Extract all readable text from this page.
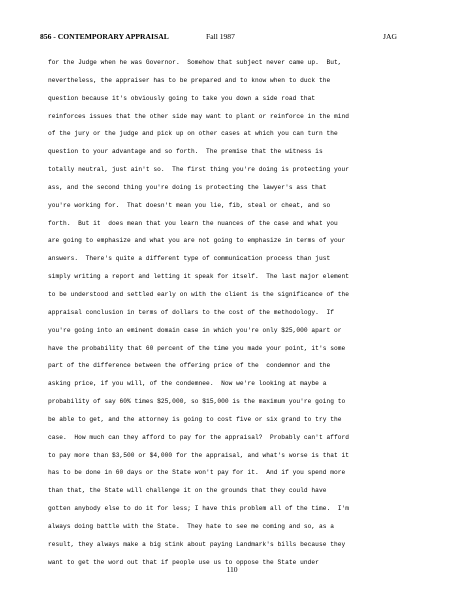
856 - CONTEMPORARY APPRAISAL	Fall 1987	JAG
for the Judge when he was Governor.  Somehow that subject never came up.  But,
nevertheless, the appraiser has to be prepared and to know when to duck the
question because it's obviously going to take you down a side road that
reinforces issues that the other side may want to plant or reinforce in the mind
of the jury or the judge and pick up on other cases at which you can turn the
question to your advantage and so forth.  The premise that the witness is
totally neutral, just ain't so.  The first thing you're doing is protecting your
ass, and the second thing you're doing is protecting the lawyer's ass that
you're working for.  That doesn't mean you lie, fib, steal or cheat, and so
forth.  But it  does mean that you learn the nuances of the case and what you
are going to emphasize and what you are not going to emphasize in terms of your
answers.  There's quite a different type of communication process than just
simply writing a report and letting it speak for itself.  The last major element
to be understood and settled early on with the client is the significance of the
appraisal conclusion in terms of dollars to the cost of the methodology.  If
you're going into an eminent domain case in which you're only $25,000 apart or
have the probability that 60 percent of the time you made your point, it's some
part of the difference between the offering price of the  condemnor and the
asking price, if you will, of the condemnee.  Now we're looking at maybe a
probability of say 60% times $25,000, so $15,000 is the maximum you're going to
be able to get, and the attorney is going to cost five or six grand to try the
case.  How much can they afford to pay for the appraisal?  Probably can't afford
to pay more than $3,500 or $4,000 for the appraisal, and what's worse is that it
has to be done in 60 days or the State won't pay for it.  And if you spend more
than that, the State will challenge it on the grounds that they could have
gotten anybody else to do it for less; I have this problem all of the time.  I'm
always doing battle with the State.  They hate to see me coming and so, as a
result, they always make a big stink about paying Landmark's bills because they
want to get the word out that if people use us to oppose the State under
110
